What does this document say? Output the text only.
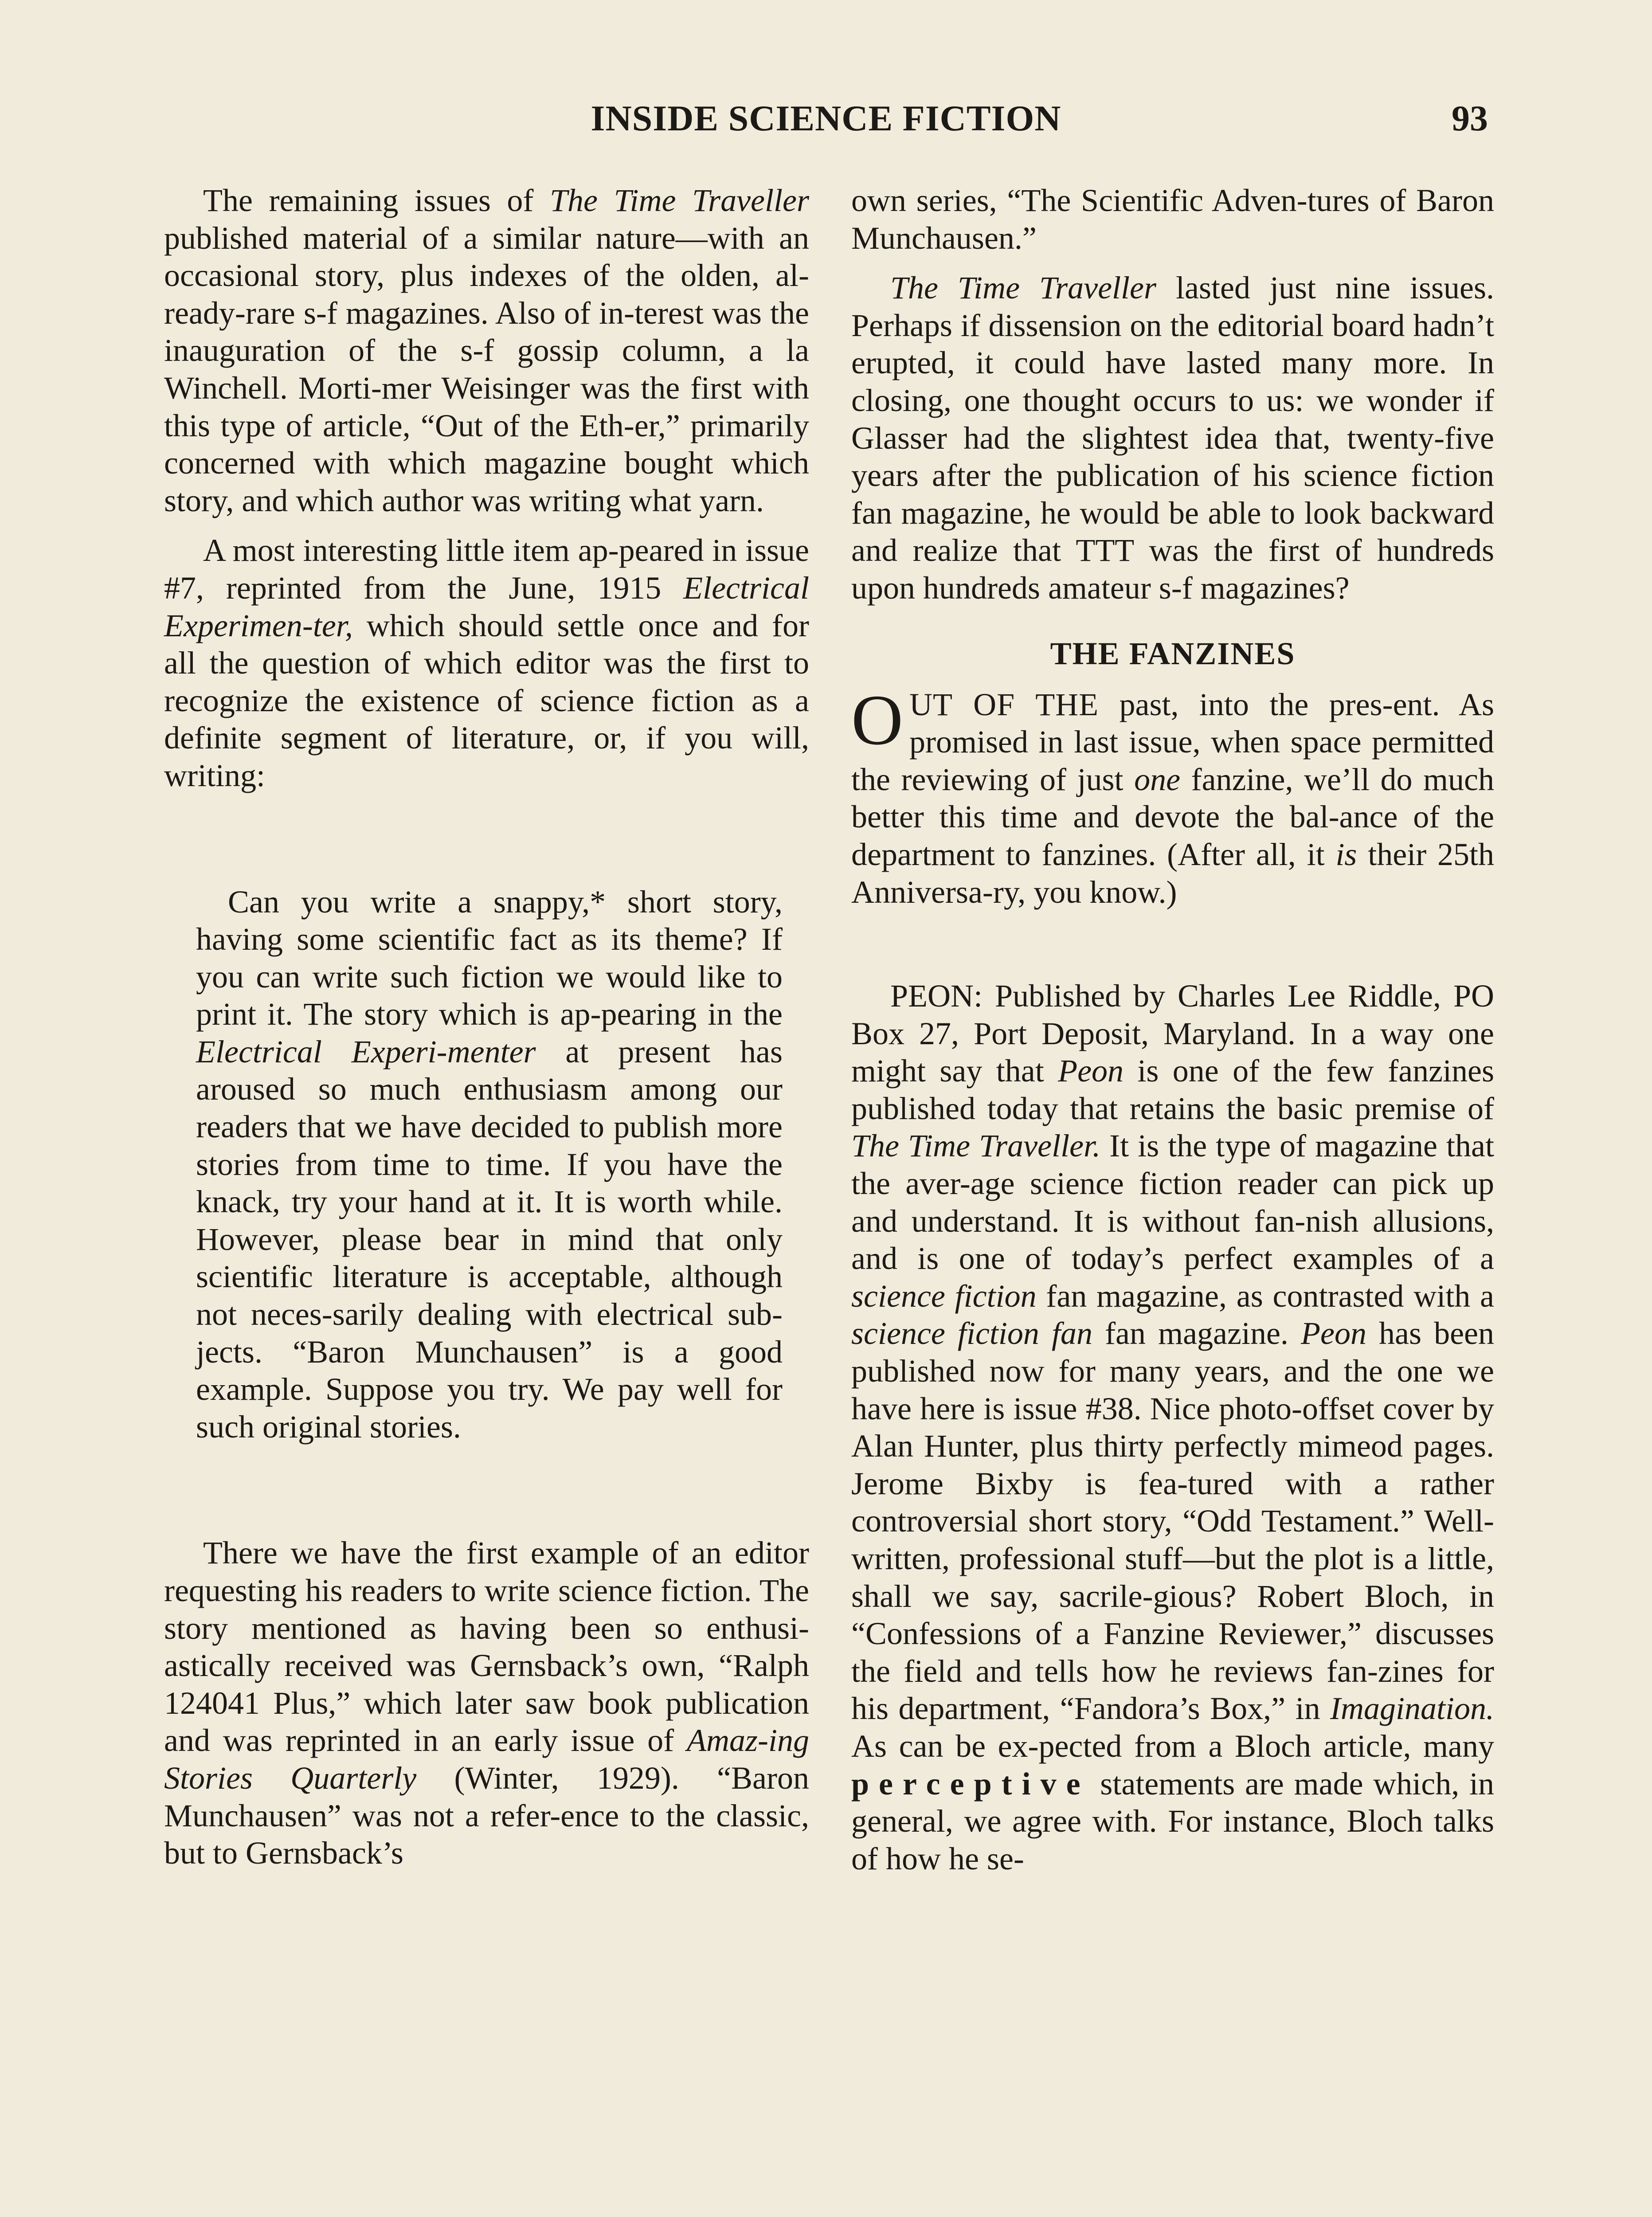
INSIDE SCIENCE FICTION	93

The remaining issues of The Time Traveller published material of a similar nature—with an occasional story, plus indexes of the olden, al-ready-rare s-f magazines. Also of in-terest was the inauguration of the s-f gossip column, a la Winchell. Morti-mer Weisinger was the first with this type of article, “Out of the Eth-er,” primarily concerned with which magazine bought which story, and which author was writing what yarn.

A most interesting little item ap-peared in issue #7, reprinted from the June, 1915 Electrical Experimen-ter, which should settle once and for all the question of which editor was the first to recognize the existence of science fiction as a definite segment of literature, or, if you will, writing:

Can you write a snappy,* short story, having some scientific fact as its theme? If you can write such fiction we would like to print it. The story which is ap-pearing in the Electrical Experi-menter at present has aroused so much enthusiasm among our readers that we have decided to publish more stories from time to time. If you have the knack, try your hand at it. It is worth while. However, please bear in mind that only scientific literature is acceptable, although not neces-sarily dealing with electrical sub-jects. “Baron Munchausen” is a good example. Suppose you try. We pay well for such original stories.

There we have the first example of an editor requesting his readers to write science fiction. The story mentioned as having been so enthusi-astically received was Gernsback’s own, “Ralph 124041 Plus,” which later saw book publication and was reprinted in an early issue of Amaz-ing Stories Quarterly (Winter, 1929). “Baron Munchausen” was not a refer-ence to the classic, but to Gernsback’s

own series, “The Scientific Adven-tures of Baron Munchausen.”

The Time Traveller lasted just nine issues. Perhaps if dissension on the editorial board hadn’t erupted, it could have lasted many more. In closing, one thought occurs to us: we wonder if Glasser had the slightest idea that, twenty-five years after the publication of his science fiction fan magazine, he would be able to look backward and realize that TTT was the first of hundreds upon hundreds amateur s-f magazines?

THE FANZINES

OUT OF THE past, into the pres-ent. As promised in last issue, when space permitted the reviewing of just one fanzine, we’ll do much better this time and devote the bal-ance of the department to fanzines. (After all, it is their 25th Anniversa-ry, you know.)

PEON: Published by Charles Lee Riddle, PO Box 27, Port Deposit, Maryland. In a way one might say that Peon is one of the few fanzines published today that retains the basic premise of The Time Traveller. It is the type of magazine that the aver-age science fiction reader can pick up and understand. It is without fan-nish allusions, and is one of today’s perfect examples of a science fiction fan magazine, as contrasted with a science fiction fan fan magazine. Peon has been published now for many years, and the one we have here is issue #38. Nice photo-offset cover by Alan Hunter, plus thirty perfectly mimeod pages. Jerome Bixby is fea-tured with a rather controversial short story, “Odd Testament.” Well-written, professional stuff—but the plot is a little, shall we say, sacrile-gious? Robert Bloch, in “Confessions of a Fanzine Reviewer,” discusses the field and tells how he reviews fan-zines for his department, “Fandora’s Box,” in Imagination. As can be ex-pected from a Bloch article, many perceptive statements are made which, in general, we agree with. For instance, Bloch talks of how he se-
